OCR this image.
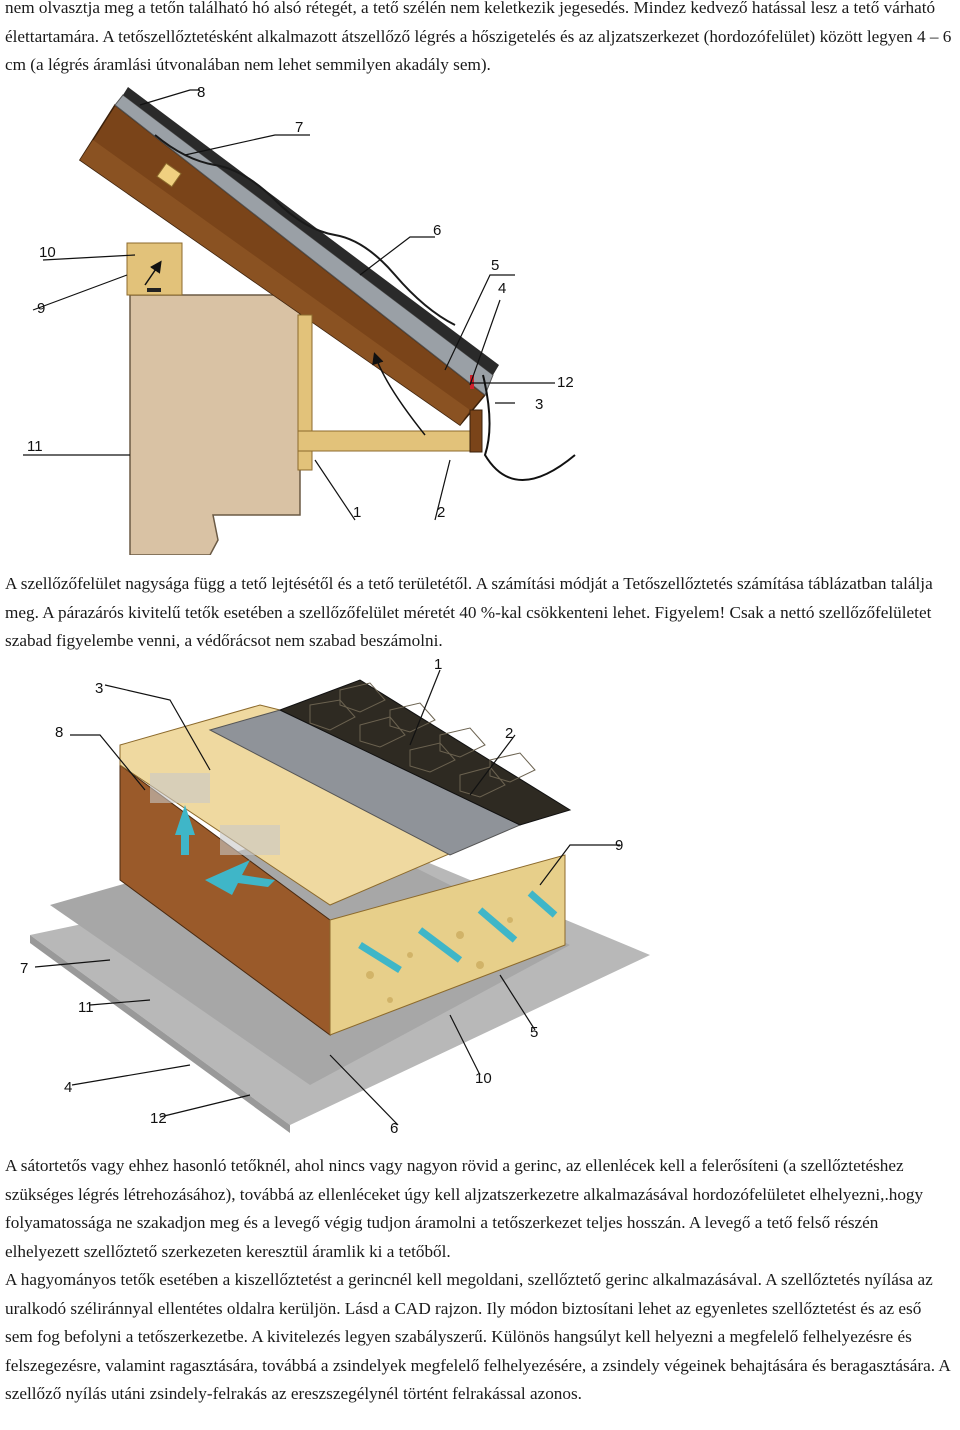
nem olvasztja meg a tetőn található hó alsó rétegét, a tető szélén nem keletkezik jegesedés. Mindez kedvező hatással lesz a tető várható élettartamára. A tetőszellőztetésként alkalmazott átszellőző légrés a hőszigetelés és az aljzatszerkezet (hordozófelület) között legyen 4 – 6 cm (a légrés áramlási útvonalában nem lehet semmilyen akadály sem).

8
7
6
5
4
10
9
12
3
11
1	2

A szellőzőfelület nagysága függ a tető lejtésétől és a tető területétől. A számítási módját a Tetőszellőztetés számítása táblázatban találja meg. A párazárós kivitelű tetők esetében a szellőzőfelület méretét 40 %-kal csökkenteni lehet. Figyelem! Csak a nettó szellőzőfelületet szabad figyelembe venni, a védőrácsot nem szabad beszámolni.

3
1
8	2
9
7
11
5
4
10
12
6

A sátortetős vagy ehhez hasonló tetőknél, ahol nincs vagy nagyon rövid a gerinc, az ellenlécek kell a felerősíteni (a szellőztetéshez szükséges légrés létrehozásához), továbbá az ellenléceket úgy kell aljzatszerkezetre alkalmazásával hordozófelületet elhelyezni,.hogy folyamatossága ne szakadjon meg és a levegő végig tudjon áramolni a tetőszerkezet teljes hosszán. A levegő a tető felső részén elhelyezett szellőztető szerkezeten keresztül áramlik ki a tetőből.

A hagyományos tetők esetében a kiszellőztetést a gerincnél kell megoldani, szellőztető gerinc alkalmazásával. A szellőztetés nyílása az uralkodó széliránnyal ellentétes oldalra kerüljön. Lásd a CAD rajzon. Ily módon biztosítani lehet az egyenletes szellőztetést és az eső sem fog befolyni a tetőszerkezetbe. A kivitelezés legyen szabályszerű. Különös hangsúlyt kell helyezni a megfelelő felhelyezésre és felszegezésre, valamint ragasztására, továbbá a zsindelyek megfelelő felhelyezésére, a zsindely végeinek behajtására és beragasztására. A szellőző nyílás utáni zsindely-felrakás az ereszszegélynél történt felrakással azonos.
